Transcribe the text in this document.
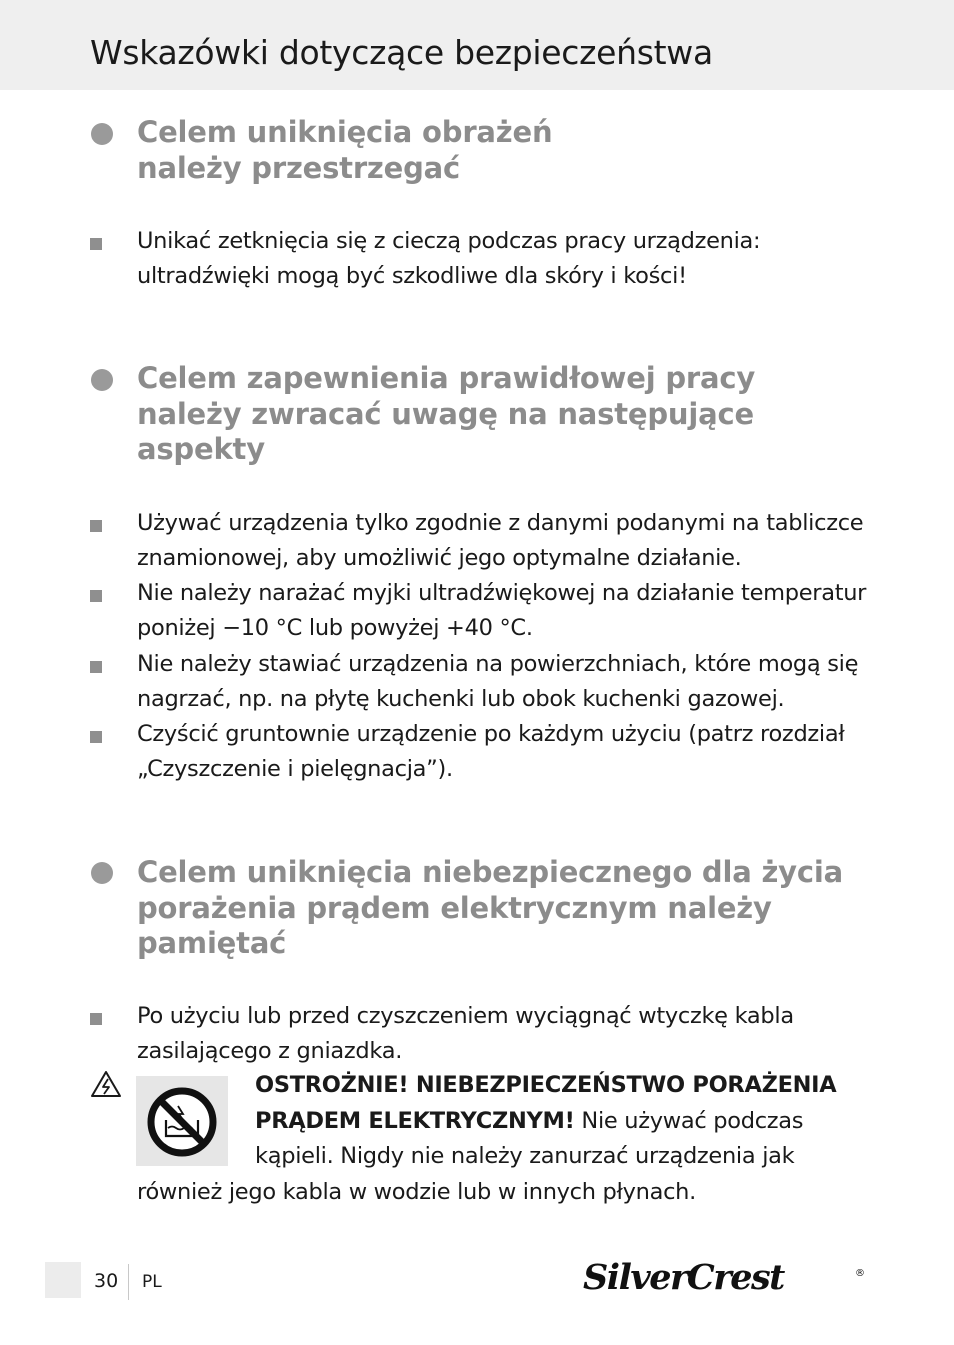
Wskazówki dotyczące bezpieczeństwa
Celem uniknięcia obrażeń należy przestrzegać
Unikać zetknięcia się z cieczą podczas pracy urządzenia: ultradźwięki mogą być szkodliwe dla skóry i kości!
Celem zapewnienia prawidłowej pracy należy zwracać uwagę na następujące aspekty
Używać urządzenia tylko zgodnie z danymi podanymi na tabliczce znamionowej, aby umożliwić jego optymalne działanie.
Nie należy narażać myjki ultradźwiękowej na działanie temperatur poniżej −10 °C lub powyżej +40 °C.
Nie należy stawiać urządzenia na powierzchniach, które mogą się nagrzać, np. na płytę kuchenki lub obok kuchenki gazowej.
Czyścić gruntownie urządzenie po każdym użyciu (patrz rozdział „Czyszczenie i pielęgnacja”).
Celem uniknięcia niebezpiecznego dla życia porażenia prądem elektrycznym należy pamiętać
Po użyciu lub przed czyszczeniem wyciągnąć wtyczkę kabla zasilającego z gniazdka.
OSTROŻNIE! NIEBEZPIECZEŃSTWO PORAŻENIA PRĄDEM ELEKTRYCZNYM! Nie używać podczas kąpieli. Nigdy nie należy zanurzać urządzenia jak również jego kabla w wodzie lub w innych płynach.
30 PL	SilverCrest	®
